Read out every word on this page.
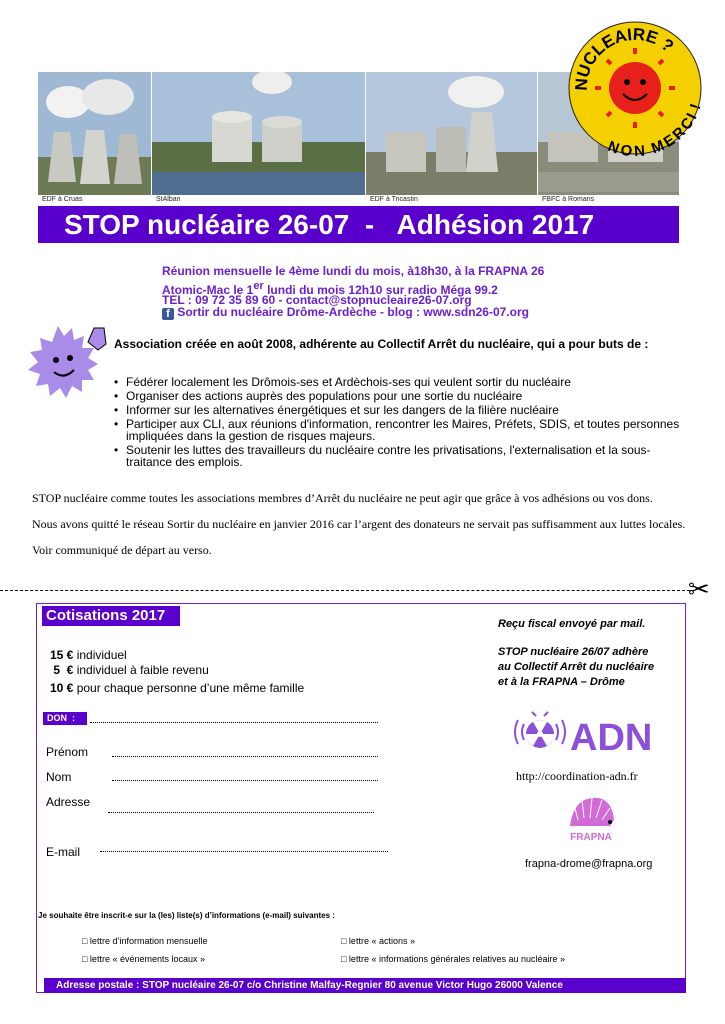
EDF à Cruas	StAlban	EDF à Tricastin	FBFC à Romans
NUCLEAIRE ?
NON MERCI !
STOP nucléaire 26-07  -   Adhésion 2017
Réunion mensuelle le 4ème lundi du mois, à18h30, à la FRAPNA 26
Atomic-Mac le 1er lundi du mois 12h10 sur radio Méga 99.2
TEL : 09 72 35 89 60 - contact@stopnucleaire26-07.org
f Sortir du nucléaire Drôme-Ardèche - blog : www.sdn26-07.org
Association créée en août 2008, adhérente au Collectif Arrêt du nucléaire, qui a pour buts de :
• Fédérer localement les Drômois-ses et Ardèchois-ses qui veulent sortir du nucléaire
• Organiser des actions auprès des populations pour une sortie du nucléaire
• Informer sur les alternatives énergétiques et sur les dangers de la filière nucléaire
• Participer aux CLI, aux réunions d'information, rencontrer les Maires, Préfets, SDIS, et toutes personnes impliquées dans la gestion de risques majeurs.
• Soutenir les luttes des travailleurs du nucléaire contre les privatisations, l'externalisation et la sous-traitance des emplois.
STOP nucléaire comme toutes les associations membres d’Arrêt du nucléaire ne peut agir que grâce à vos adhésions ou vos dons.
Nous avons quitté le réseau Sortir du nucléaire en janvier 2016 car l’argent des donateurs ne servait pas suffisamment aux luttes locales.
Voir communiqué de départ au verso.
✂
Cotisations 2017
15 € individuel
5  € individuel à faible revenu
10 € pour chaque personne d’une même famille
DON  :
Prénom
Nom
Adresse
E-mail
Reçu fiscal envoyé par mail.
STOP nucléaire 26/07 adhère
au Collectif Arrêt du nucléaire
et à la FRAPNA – Drôme
ADN
http://coordination-adn.fr
FRAPNA
frapna-drome@frapna.org
Je souhaite être inscrit-e sur la (les) liste(s) d’informations (e-mail) suivantes :
□ lettre d’information mensuelle	□ lettre « actions »
□ lettre « événements locaux »	□ lettre « informations générales relatives au nucléaire »
Adresse postale : STOP nucléaire 26-07 c/o Christine Malfay-Regnier 80 avenue Victor Hugo 26000 Valence
